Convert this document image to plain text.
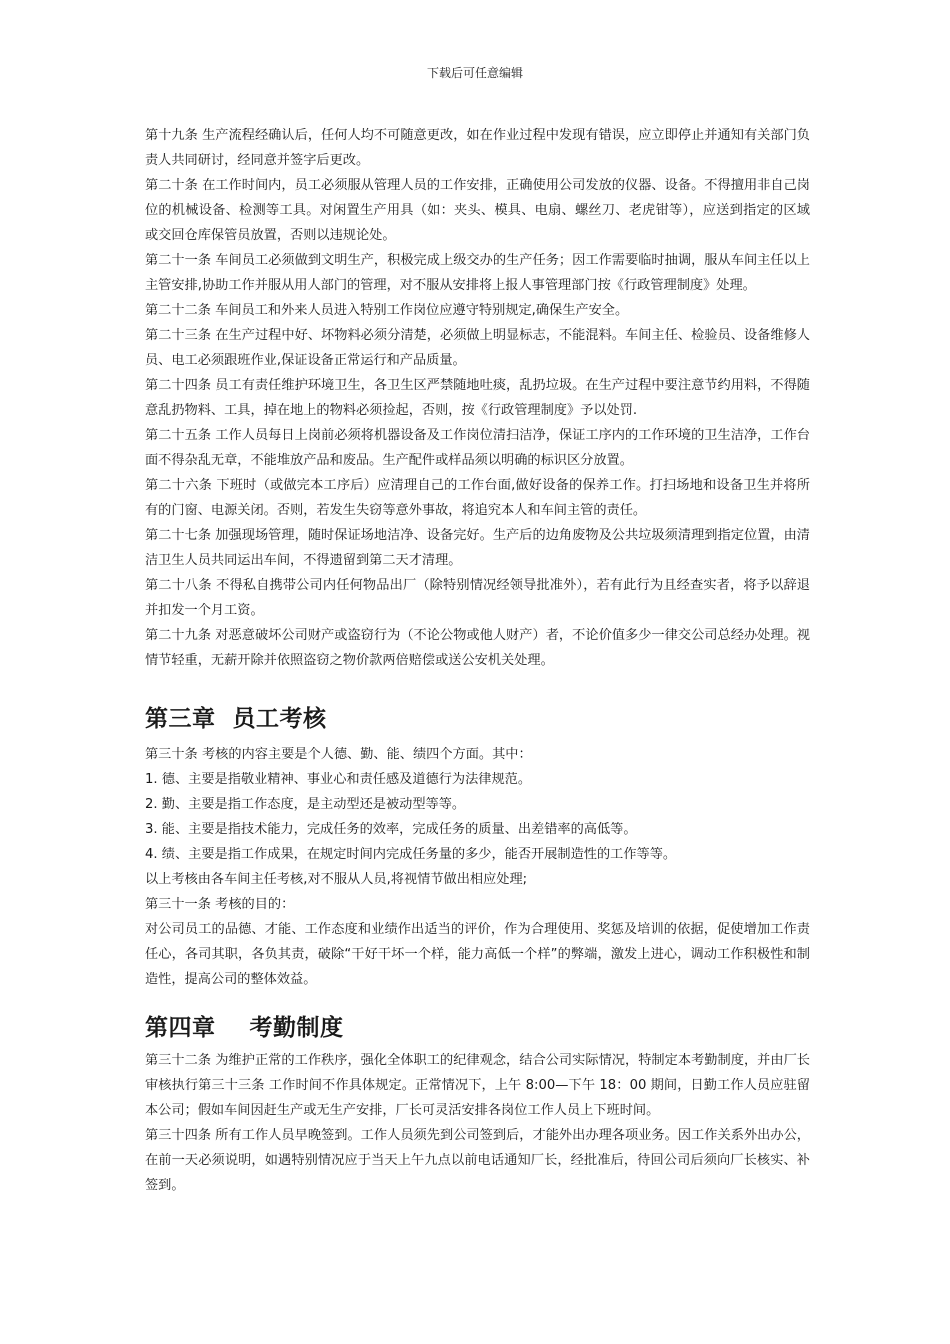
下载后可任意编辑

第十九条 生产流程经确认后，任何人均不可随意更改，如在作业过程中发现有错误，应立即停止并通知有关部门负责人共同研讨，经同意并签字后更改。

第二十条 在工作时间内，员工必须服从管理人员的工作安排，正确使用公司发放的仪器、设备。不得擅用非自己岗位的机械设备、检测等工具。对闲置生产用具（如：夹头、模具、电扇、螺丝刀、老虎钳等），应送到指定的区域或交回仓库保管员放置，否则以违规论处。

第二十一条 车间员工必须做到文明生产，积极完成上级交办的生产任务；因工作需要临时抽调，服从车间主任以上主管安排,协助工作并服从用人部门的管理，对不服从安排将上报人事管理部门按《行政管理制度》处理。

第二十二条 车间员工和外来人员进入特别工作岗位应遵守特别规定,确保生产安全。

第二十三条 在生产过程中好、坏物料必须分清楚，必须做上明显标志，不能混料。车间主任、检验员、设备维修人员、电工必须跟班作业,保证设备正常运行和产品质量。

第二十四条 员工有责任维护环境卫生，各卫生区严禁随地吐痰，乱扔垃圾。在生产过程中要注意节约用料，不得随意乱扔物料、工具，掉在地上的物料必须捡起，否则，按《行政管理制度》予以处罚.

第二十五条 工作人员每日上岗前必须将机器设备及工作岗位清扫洁净，保证工序内的工作环境的卫生洁净，工作台面不得杂乱无章，不能堆放产品和废品。生产配件或样品须以明确的标识区分放置。

第二十六条 下班时（或做完本工序后）应清理自己的工作台面,做好设备的保养工作。打扫场地和设备卫生并将所有的门窗、电源关闭。否则，若发生失窃等意外事故，将追究本人和车间主管的责任。

第二十七条 加强现场管理，随时保证场地洁净、设备完好。生产后的边角废物及公共垃圾须清理到指定位置，由清洁卫生人员共同运出车间，不得遗留到第二天才清理。

第二十八条 不得私自携带公司内任何物品出厂（除特别情况经领导批准外），若有此行为且经查实者，将予以辞退并扣发一个月工资。

第二十九条 对恶意破坏公司财产或盗窃行为（不论公物或他人财产）者，不论价值多少一律交公司总经办处理。视情节轻重，无薪开除并依照盗窃之物价款两倍赔偿或送公安机关处理。

第三章  员工考核

第三十条 考核的内容主要是个人德、勤、能、绩四个方面。其中：

1. 德、主要是指敬业精神、事业心和责任感及道德行为法律规范。

2. 勤、主要是指工作态度，是主动型还是被动型等等。

3. 能、主要是指技术能力，完成任务的效率，完成任务的质量、出差错率的高低等。

4. 绩、主要是指工作成果，在规定时间内完成任务量的多少，能否开展制造性的工作等等。

以上考核由各车间主任考核,对不服从人员,将视情节做出相应处理;

第三十一条 考核的目的：

对公司员工的品德、才能、工作态度和业绩作出适当的评价，作为合理使用、奖惩及培训的依据，促使增加工作责任心，各司其职，各负其责，破除“干好干坏一个样，能力高低一个样”的弊端，激发上进心，调动工作积极性和制造性，提高公司的整体效益。

第四章    考勤制度

第三十二条 为维护正常的工作秩序，强化全体职工的纪律观念，结合公司实际情况，特制定本考勤制度，并由厂长审核执行第三十三条 工作时间不作具体规定。正常情况下，上午 8:00—下午 18：00 期间，日勤工作人员应驻留本公司；假如车间因赶生产或无生产安排，厂长可灵活安排各岗位工作人员上下班时间。

第三十四条 所有工作人员早晚签到。工作人员须先到公司签到后，才能外出办理各项业务。因工作关系外出办公，在前一天必须说明，如遇特别情况应于当天上午九点以前电话通知厂长，经批准后，待回公司后须向厂长核实、补签到。
